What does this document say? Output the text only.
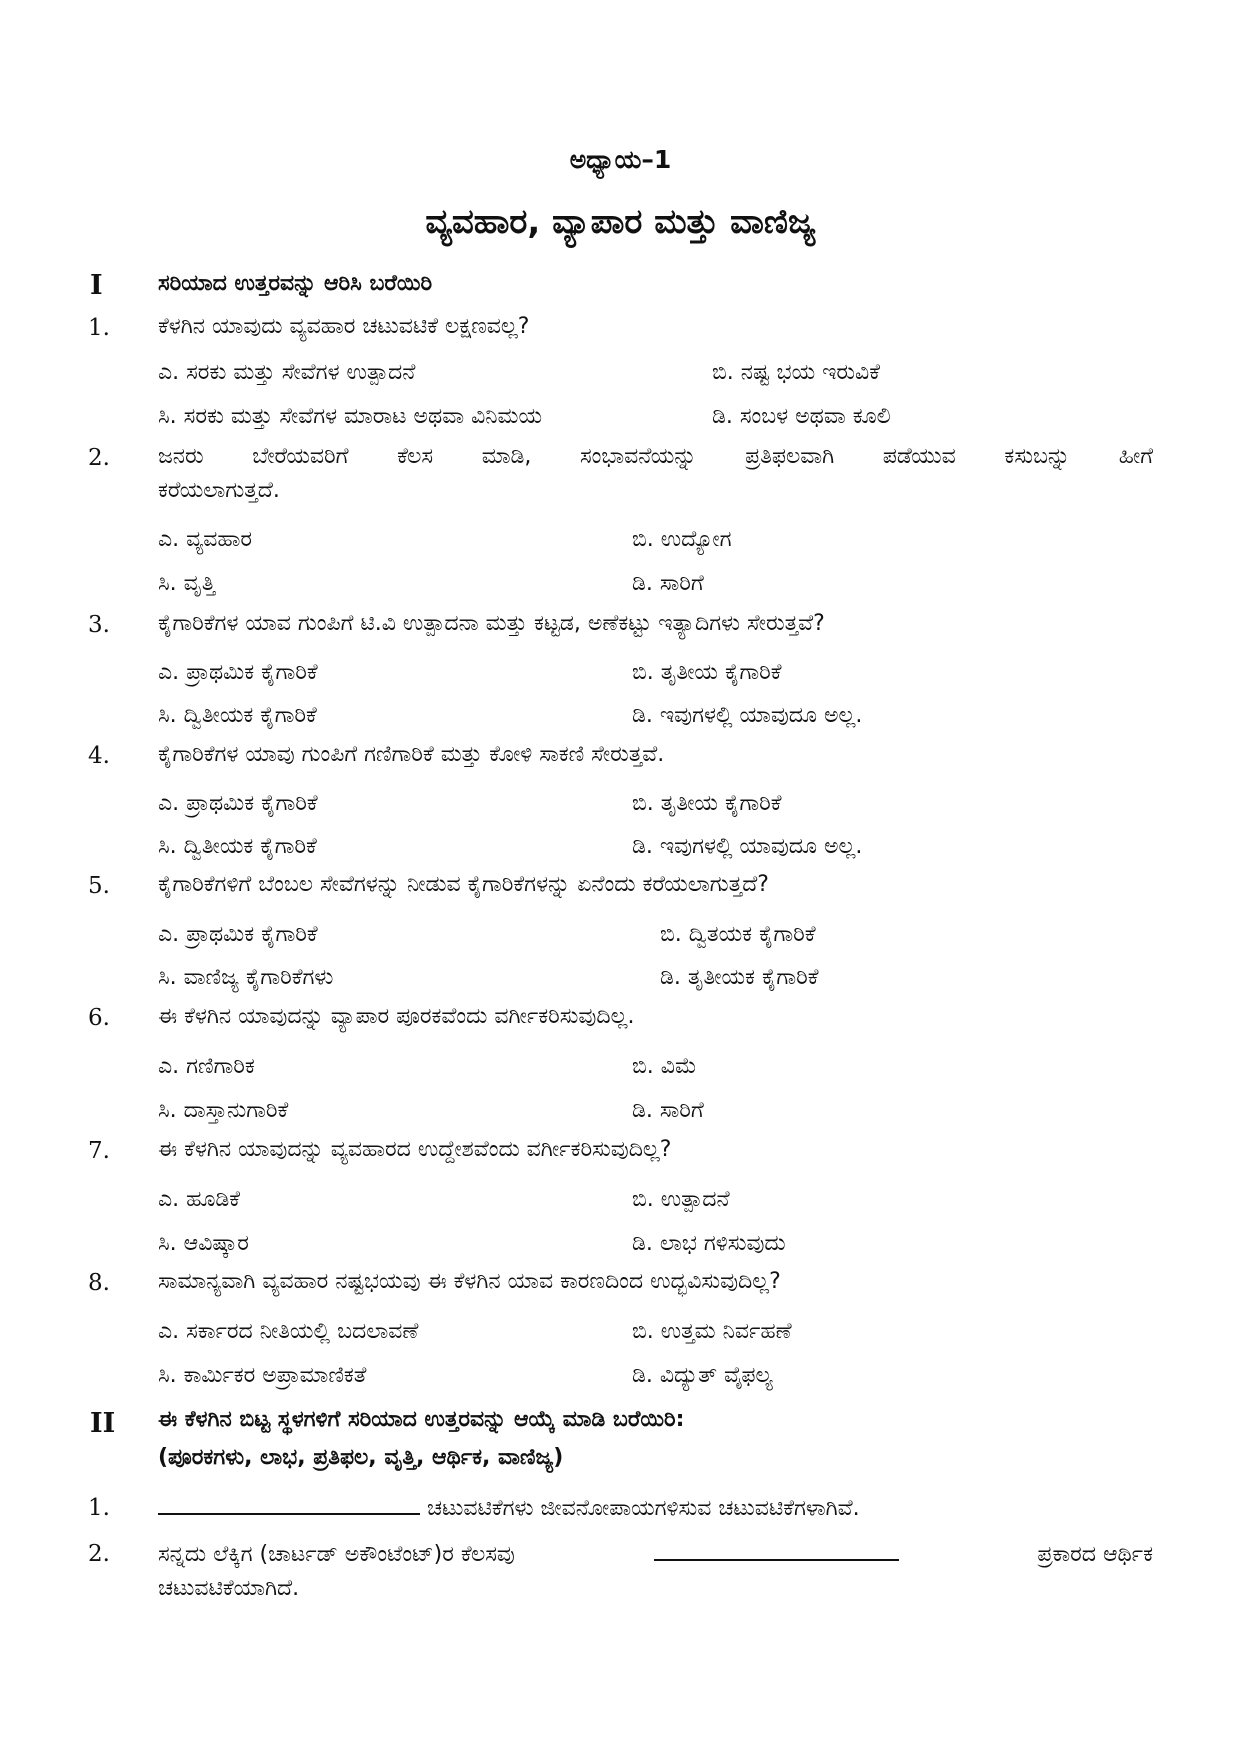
ಅಧ್ಯಾಯ–1
ವ್ಯವಹಾರ, ವ್ಯಾಪಾರ ಮತ್ತು ವಾಣಿಜ್ಯ
I	ಸರಿಯಾದ ಉತ್ತರವನ್ನು ಆರಿಸಿ ಬರೆಯಿರಿ
1. ಕೆಳಗಿನ ಯಾವುದು ವ್ಯವಹಾರ ಚಟುವಟಿಕೆ ಲಕ್ಷಣವಲ್ಲ?
ಎ. ಸರಕು ಮತ್ತು ಸೇವೆಗಳ ಉತ್ಪಾದನೆ	ಬಿ. ನಷ್ಟ ಭಯ ಇರುವಿಕೆ
ಸಿ. ಸರಕು ಮತ್ತು ಸೇವೆಗಳ ಮಾರಾಟ ಅಥವಾ ವಿನಿಮಯ	ಡಿ. ಸಂಬಳ ಅಥವಾ ಕೂಲಿ
2. ಜನರು ಬೇರೆಯವರಿಗೆ ಕೆಲಸ ಮಾಡಿ, ಸಂಭಾವನೆಯನ್ನು ಪ್ರತಿಫಲವಾಗಿ ಪಡೆಯುವ ಕಸುಬನ್ನು ಹೀಗೆ
ಕರೆಯಲಾಗುತ್ತದೆ.
ಎ. ವ್ಯವಹಾರ	ಬಿ. ಉದ್ಯೋಗ
ಸಿ. ವೃತ್ತಿ	ಡಿ. ಸಾರಿಗೆ
3. ಕೈಗಾರಿಕೆಗಳ ಯಾವ ಗುಂಪಿಗೆ ಟಿ.ವಿ ಉತ್ಪಾದನಾ ಮತ್ತು ಕಟ್ಟಡ, ಅಣೆಕಟ್ಟು ಇತ್ಯಾದಿಗಳು ಸೇರುತ್ತವೆ?
ಎ. ಪ್ರಾಥಮಿಕ ಕೈಗಾರಿಕೆ	ಬಿ. ತೃತೀಯ ಕೈಗಾರಿಕೆ
ಸಿ. ದ್ವಿತೀಯಕ ಕೈಗಾರಿಕೆ	ಡಿ. ಇವುಗಳಲ್ಲಿ ಯಾವುದೂ ಅಲ್ಲ.
4. ಕೈಗಾರಿಕೆಗಳ ಯಾವು ಗುಂಪಿಗೆ ಗಣಿಗಾರಿಕೆ ಮತ್ತು ಕೋಳಿ ಸಾಕಣಿ ಸೇರುತ್ತವೆ.
ಎ. ಪ್ರಾಥಮಿಕ ಕೈಗಾರಿಕೆ	ಬಿ. ತೃತೀಯ ಕೈಗಾರಿಕೆ
ಸಿ. ದ್ವಿತೀಯಕ ಕೈಗಾರಿಕೆ	ಡಿ. ಇವುಗಳಲ್ಲಿ ಯಾವುದೂ ಅಲ್ಲ.
5. ಕೈಗಾರಿಕೆಗಳಿಗೆ ಬೆಂಬಲ ಸೇವೆಗಳನ್ನು ನೀಡುವ ಕೈಗಾರಿಕೆಗಳನ್ನು ಏನೆಂದು ಕರೆಯಲಾಗುತ್ತದೆ?
ಎ. ಪ್ರಾಥಮಿಕ ಕೈಗಾರಿಕೆ	ಬಿ. ದ್ವಿತಯಕ ಕೈಗಾರಿಕೆ
ಸಿ. ವಾಣಿಜ್ಯ ಕೈಗಾರಿಕೆಗಳು	ಡಿ. ತೃತೀಯಕ ಕೈಗಾರಿಕೆ
6. ಈ ಕೆಳಗಿನ ಯಾವುದನ್ನು ವ್ಯಾಪಾರ ಪೂರಕವೆಂದು ವರ್ಗೀಕರಿಸುವುದಿಲ್ಲ.
ಎ. ಗಣಿಗಾರಿಕ	ಬಿ. ವಿಮೆ
ಸಿ. ದಾಸ್ತಾನುಗಾರಿಕೆ	ಡಿ. ಸಾರಿಗೆ
7. ಈ ಕೆಳಗಿನ ಯಾವುದನ್ನು ವ್ಯವಹಾರದ ಉದ್ದೇಶವೆಂದು ವರ್ಗೀಕರಿಸುವುದಿಲ್ಲ?
ಎ. ಹೂಡಿಕೆ	ಬಿ. ಉತ್ಪಾದನೆ
ಸಿ. ಆವಿಷ್ಕಾರ	ಡಿ. ಲಾಭ ಗಳಿಸುವುದು
8. ಸಾಮಾನ್ಯವಾಗಿ ವ್ಯವಹಾರ ನಷ್ಟಭಯವು ಈ ಕೆಳಗಿನ ಯಾವ ಕಾರಣದಿಂದ ಉದ್ಭವಿಸುವುದಿಲ್ಲ?
ಎ. ಸರ್ಕಾರದ ನೀತಿಯಲ್ಲಿ ಬದಲಾವಣೆ	ಬಿ. ಉತ್ತಮ ನಿರ್ವಹಣೆ
ಸಿ. ಕಾರ್ಮಿಕರ ಅಪ್ರಾಮಾಣಿಕತೆ	ಡಿ. ವಿದ್ಯುತ್ ವೈಫಲ್ಯ
II ಈ ಕೆಳಗಿನ ಬಿಟ್ಟ ಸ್ಥಳಗಳಿಗೆ ಸರಿಯಾದ ಉತ್ತರವನ್ನು ಆಯ್ಕೆ ಮಾಡಿ ಬರೆಯಿರಿ:
(ಪೂರಕಗಳು, ಲಾಭ, ಪ್ರತಿಫಲ, ವೃತ್ತಿ, ಆರ್ಥಿಕ, ವಾಣಿಜ್ಯ)
1.	ಚಟುವಟಿಕೆಗಳು ಜೀವನೋಪಾಯಗಳಿಸುವ ಚಟುವಟಿಕೆಗಳಾಗಿವೆ.
2. ಸನ್ನದು ಲೆಕ್ಕಿಗ (ಚಾರ್ಟಡ್ ಅಕೌಂಟೆಂಟ್)ರ ಕೆಲಸವು	ಪ್ರಕಾರದ ಆರ್ಥಿಕ
ಚಟುವಟಿಕೆಯಾಗಿದೆ.
